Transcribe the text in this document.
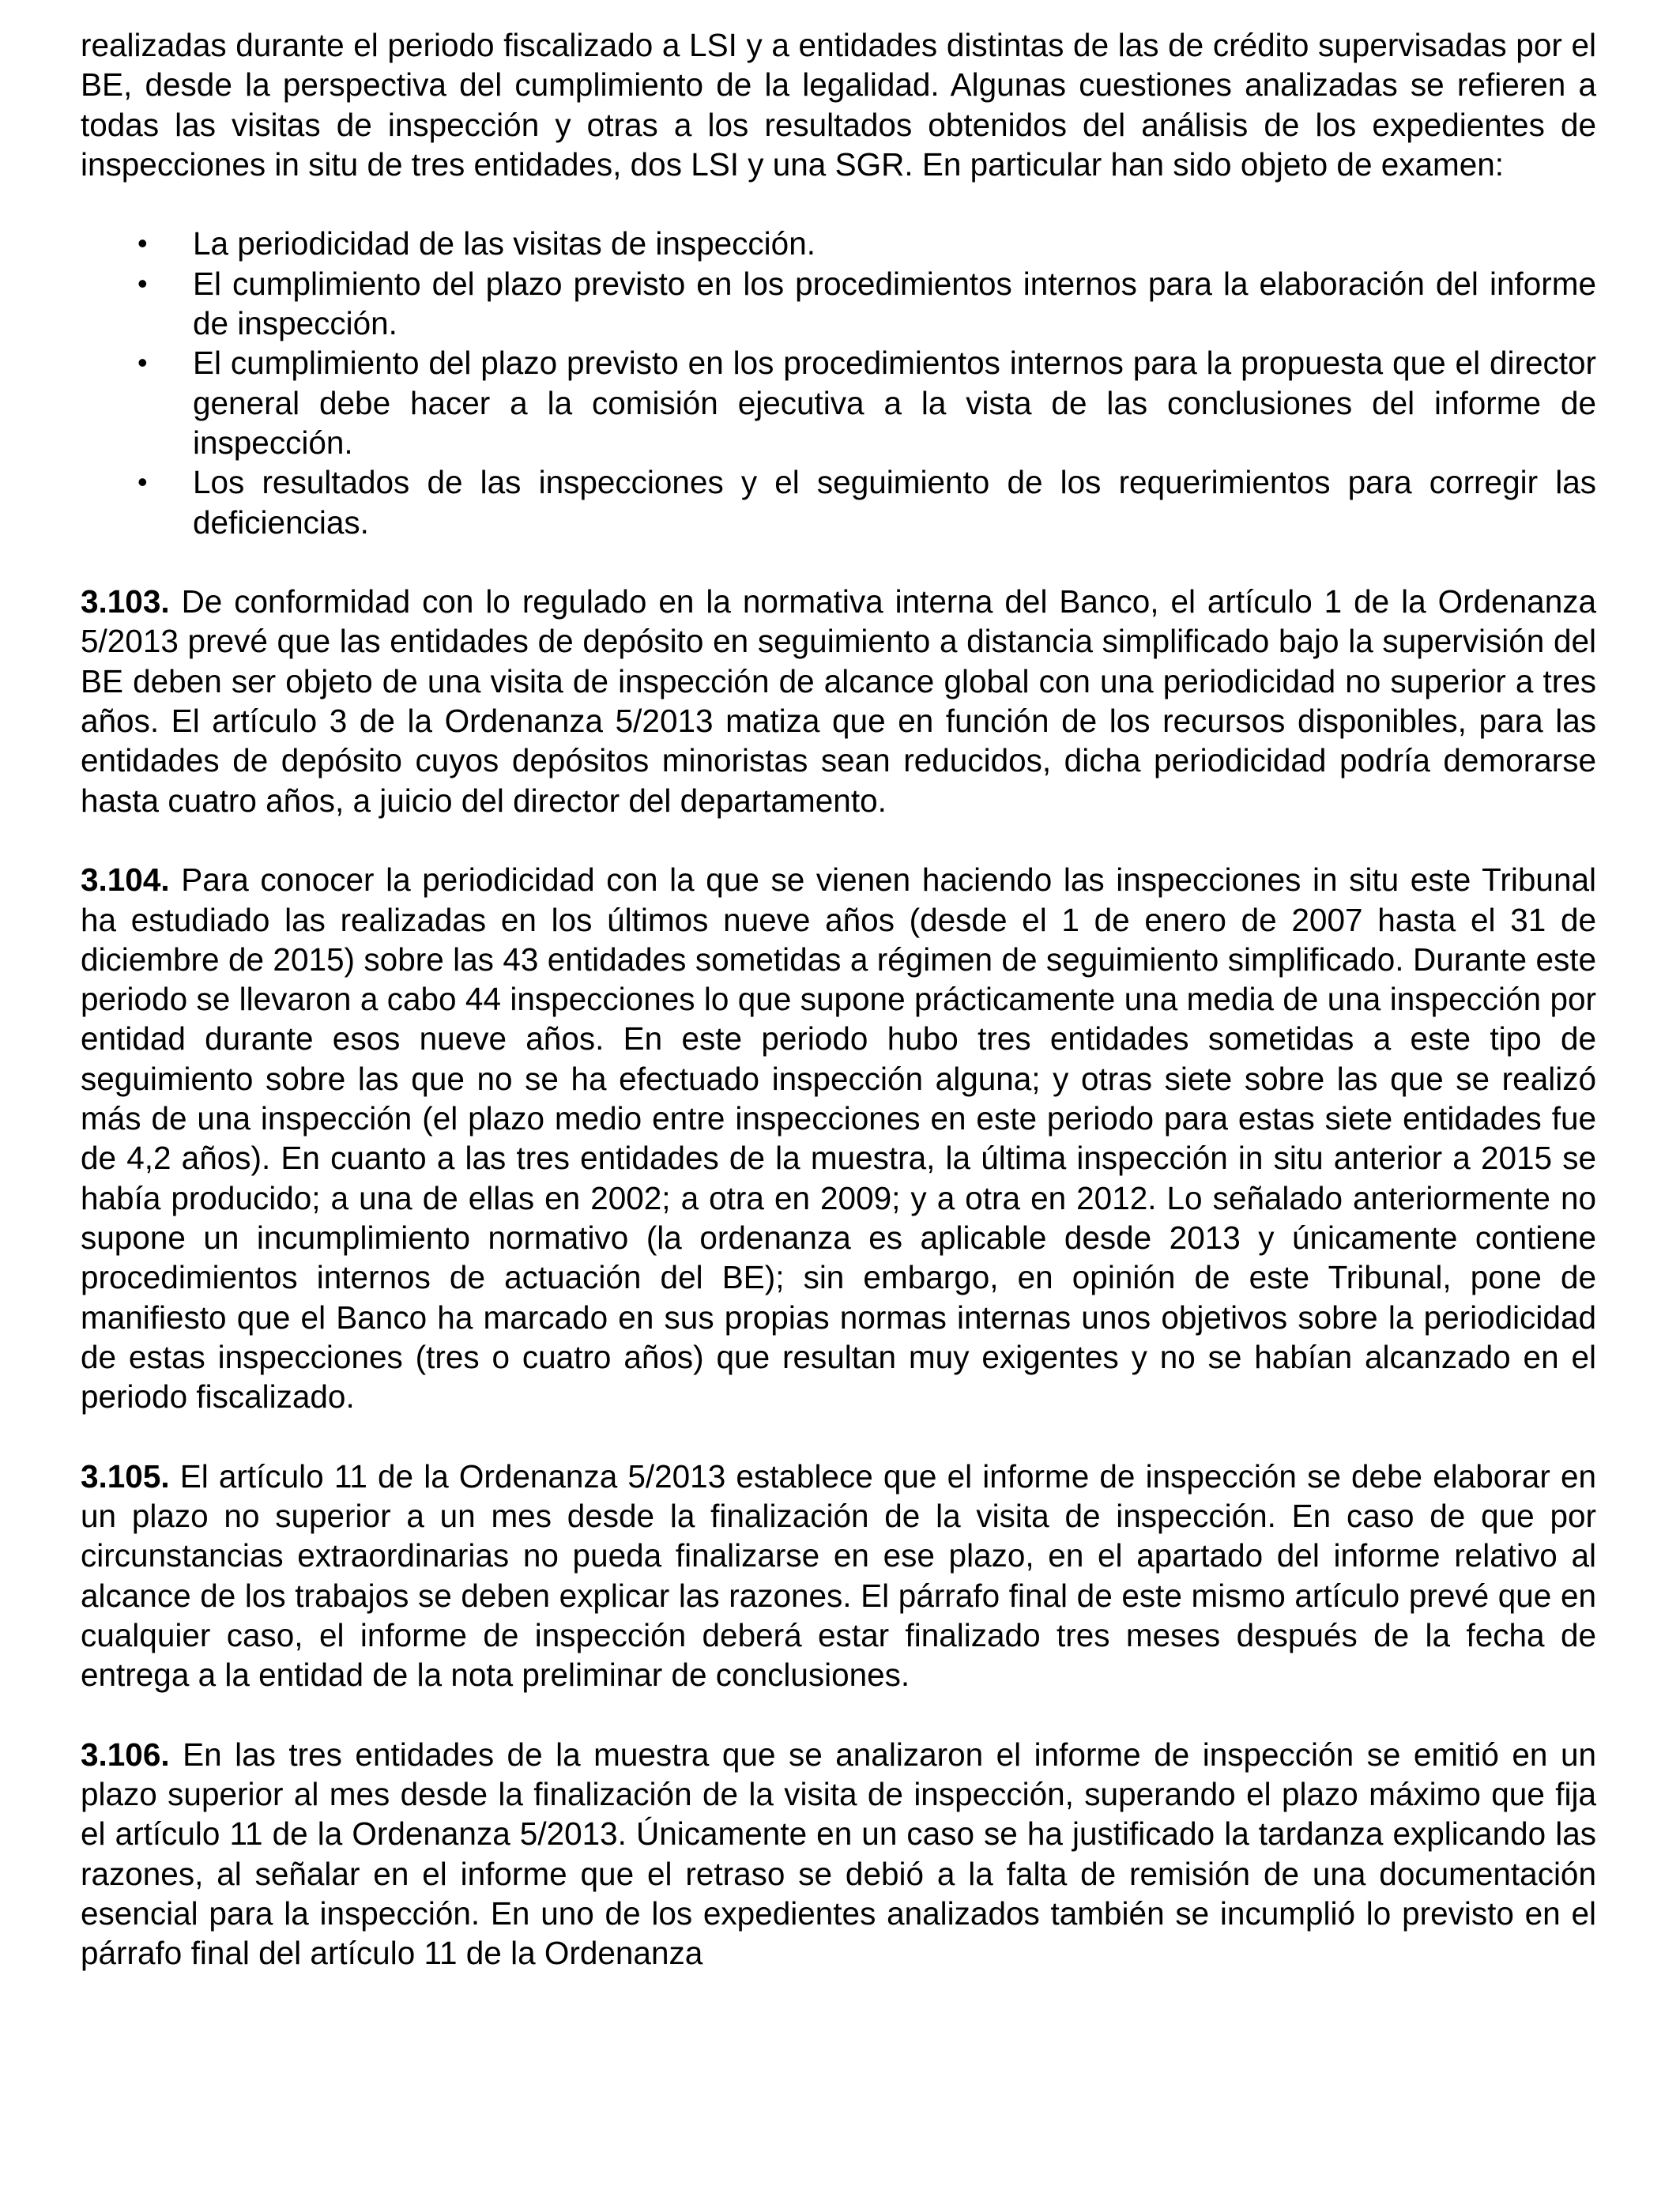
realizadas durante el periodo fiscalizado a LSI y a entidades distintas de las de crédito supervisadas por el BE, desde la perspectiva del cumplimiento de la legalidad. Algunas cuestiones analizadas se refieren a todas las visitas de inspección y otras a los resultados obtenidos del análisis de los expedientes de inspecciones in situ de tres entidades, dos LSI y una SGR. En particular han sido objeto de examen:

• La periodicidad de las visitas de inspección.
• El cumplimiento del plazo previsto en los procedimientos internos para la elaboración del informe de inspección.
• El cumplimiento del plazo previsto en los procedimientos internos para la propuesta que el director general debe hacer a la comisión ejecutiva a la vista de las conclusiones del informe de inspección.
• Los resultados de las inspecciones y el seguimiento de los requerimientos para corregir las deficiencias.

3.103. De conformidad con lo regulado en la normativa interna del Banco, el artículo 1 de la Ordenanza 5/2013 prevé que las entidades de depósito en seguimiento a distancia simplificado bajo la supervisión del BE deben ser objeto de una visita de inspección de alcance global con una periodicidad no superior a tres años. El artículo 3 de la Ordenanza 5/2013 matiza que en función de los recursos disponibles, para las entidades de depósito cuyos depósitos minoristas sean reducidos, dicha periodicidad podría demorarse hasta cuatro años, a juicio del director del departamento.

3.104. Para conocer la periodicidad con la que se vienen haciendo las inspecciones in situ este Tribunal ha estudiado las realizadas en los últimos nueve años (desde el 1 de enero de 2007 hasta el 31 de diciembre de 2015) sobre las 43 entidades sometidas a régimen de seguimiento simplificado. Durante este periodo se llevaron a cabo 44 inspecciones lo que supone prácticamente una media de una inspección por entidad durante esos nueve años. En este periodo hubo tres entidades sometidas a este tipo de seguimiento sobre las que no se ha efectuado inspección alguna; y otras siete sobre las que se realizó más de una inspección (el plazo medio entre inspecciones en este periodo para estas siete entidades fue de 4,2 años). En cuanto a las tres entidades de la muestra, la última inspección in situ anterior a 2015 se había producido; a una de ellas en 2002; a otra en 2009; y a otra en 2012. Lo señalado anteriormente no supone un incumplimiento normativo (la ordenanza es aplicable desde 2013 y únicamente contiene procedimientos internos de actuación del BE); sin embargo, en opinión de este Tribunal, pone de manifiesto que el Banco ha marcado en sus propias normas internas unos objetivos sobre la periodicidad de estas inspecciones (tres o cuatro años) que resultan muy exigentes y no se habían alcanzado en el periodo fiscalizado.

3.105. El artículo 11 de la Ordenanza 5/2013 establece que el informe de inspección se debe elaborar en un plazo no superior a un mes desde la finalización de la visita de inspección. En caso de que por circunstancias extraordinarias no pueda finalizarse en ese plazo, en el apartado del informe relativo al alcance de los trabajos se deben explicar las razones. El párrafo final de este mismo artículo prevé que en cualquier caso, el informe de inspección deberá estar finalizado tres meses después de la fecha de entrega a la entidad de la nota preliminar de conclusiones.

3.106. En las tres entidades de la muestra que se analizaron el informe de inspección se emitió en un plazo superior al mes desde la finalización de la visita de inspección, superando el plazo máximo que fija el artículo 11 de la Ordenanza 5/2013. Únicamente en un caso se ha justificado la tardanza explicando las razones, al señalar en el informe que el retraso se debió a la falta de remisión de una documentación esencial para la inspección. En uno de los expedientes analizados también se incumplió lo previsto en el párrafo final del artículo 11 de la Ordenanza
